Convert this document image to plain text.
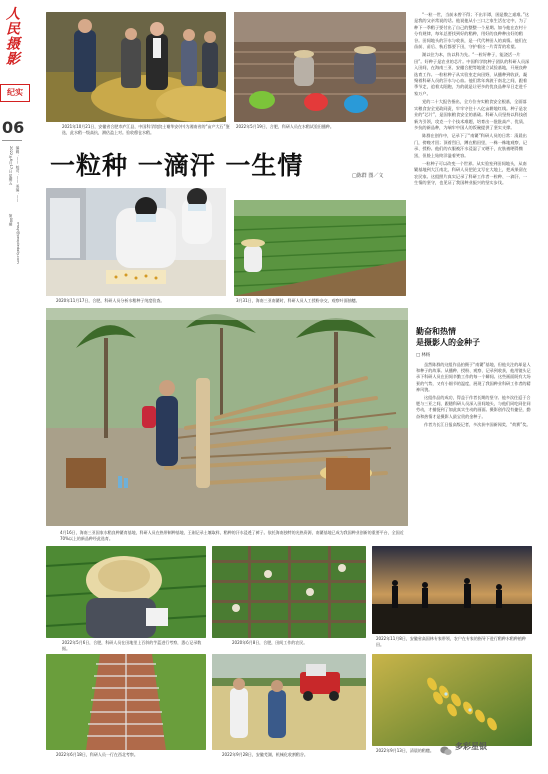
人民摄影
纪实
06
2022年6月17日 星期五
第00期
编辑：—— 校对：—— 美编：——
rmsy@peopledaily.com
2021年10月21日，安徽省合肥市庐江县，中国科学院院士谢华安(中)为湘南省的“亩产大石”鉴选，此水稻一级高抗，测估盈上对。验收穆仓水稻。
2022年5月19日，合肥，科研人员在水稻试验田播种。
一粒种 一滴汗 一生情	□陈群 图／文
2020年11月17日，合肥，科研人员分析水稻种子纯度验查。	3月31日，海南三亚南繁时，科研人员人工授粉杂交，观察叶面抽穗。

“一粒一世，当前未曾不得；不出半谭，困是散之艰难。”这是我的父亲常说的话。他说他从小三口之家生活在宅中，为了种下一季稻子要付出了自己的整整一个星期。如今他在农村十分有规律，每年总要找到好的稻种，用好的良种种出好的稻谷。田间地头的汗水与收获，是一代代种田人的真情。他们在苗前、苗后、秋后都要下田，守护着这一片青青的希望。

湖以往为本，纺以科为先。“一粒好种子，能浇活一片田”。好种子是农业的芯片。中国科学院种子团队的科研人员深入田间，在海南三亚、安徽合肥等地建立试验基地，开展良种选育工作。一粒粒种子从实验室走向田野，从播种到收获，凝聚着科研人员的汗水与心血。他们常年奔波于南北之间，跟着季节走，追着太阳跑，为的就是让更多的优良品种早日走进千家万户。

党的二十大报告指出，全方位夯实粮食安全根基，全面落实粮食安全党政同责，牢牢守住十八亿亩耕地红线。种子是农业的“芯片”，是国家粮食安全的基础。科研人员坚持以科技创新为引领，攻克一个个技术难题，培育出一批批高产、优质、多抗的新品种，为端牢中国人的饭碗提供了坚实支撑。

陈群在创作中，记录下了“南繁”科研人员的日常：清晨出门，傍晚才回；顶着烈日，蹲在稻田里，一株一株地观察、记录、授粉。他们的衣服被汗水浸湿了又晒干，皮肤被晒得黝黑，但脸上始终洋溢着笑容。

一粒种子可以改变一个世界。从实验室到田间地头，从南繁基地到大江南北，科研人员把论文写在大地上，把成果留在农民家。这组照片真实记录了科研工作者一粒种、一滴汗、一生情的坚守，也见证了我国种业振兴的坚实步伐。

4月16日，海南三亚国家水稻良种繁育基地，科研人员在热带制种基地，王刚记录土壤取样，稻种的汗水浸透了裤子。依托海南独特的光热资源，南繁基地已成为我国种业创新的重要平台，全国近70%以上的新品种经此选育。
勤奋和热情
是摄影人的金种子
□ 林杨

虽然陈群的这组作品拍摄于“南繁”基地，但他关注的却是人和种子的故事。从播种、授粉、观察、记录到收获，他用镜头记录下科研人员在田间辛勤工作的每一个瞬间。这些画面既有大场景的气势，又有小细节的温度，展现了我国种业科研工作者的精神风貌。

这组作品的成功，得益于作者长期的坚守。他多次往返于合肥与三亚之间，跟随科研人员深入田间地头，与他们同吃同住同劳动，才捕捉到了如此真实生动的画面。摄影创作没有捷径，勤奋和热情才是摄影人最宝贵的金种子。

作者为长江日报高级记者，多次获中国新闻奖、“荷赛”奖。

2022年5月6日，合肥，科研人员在田地里上百斜的芋蓝进行考察，悉心记录数据。
2020年6月8日，合肥，田间工作的农民。
2022年11月8日，安徽省高国林专家带领，农户在专家的指导下进行稻种水稻种植种田。
2022年6月18日，科研人员一行在西北考察。	2022年9月28日，安徽芜湖，机械化收割稻谷。
2022年9月13日，清晨的稻穗。	多彩星银
